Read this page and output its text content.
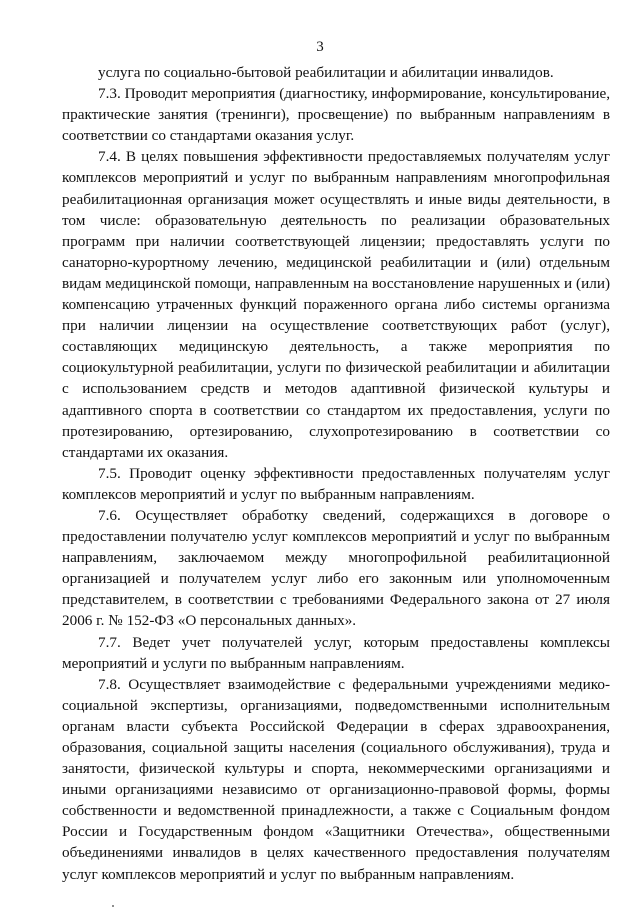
3

услуга по социально-бытовой реабилитации и абилитации инвалидов.

7.3. Проводит мероприятия (диагностику, информирование, консультирование, практические занятия (тренинги), просвещение) по выбранным направлениям в соответствии со стандартами оказания услуг.

7.4. В целях повышения эффективности предоставляемых получателям услуг комплексов мероприятий и услуг по выбранным направлениям многопрофильная реабилитационная организация может осуществлять и иные виды деятельности, в том числе: образовательную деятельность по реализации образовательных программ при наличии соответствующей лицензии; предоставлять услуги по санаторно-курортному лечению, медицинской реабилитации и (или) отдельным видам медицинской помощи, направленным на восстановление нарушенных и (или) компенсацию утраченных функций пораженного органа либо системы организма при наличии лицензии на осуществление соответствующих работ (услуг), составляющих медицинскую деятельность, а также мероприятия по социокультурной реабилитации, услуги по физической реабилитации и абилитации с использованием средств и методов адаптивной физической культуры и адаптивного спорта в соответствии со стандартом их предоставления, услуги по протезированию, ортезированию, слухопротезированию в соответствии со стандартами их оказания.

7.5. Проводит оценку эффективности предоставленных получателям услуг комплексов мероприятий и услуг по выбранным направлениям.

7.6. Осуществляет обработку сведений, содержащихся в договоре о предоставлении получателю услуг комплексов мероприятий и услуг по выбранным направлениям, заключаемом между многопрофильной реабилитационной организацией и получателем услуг либо его законным или уполномоченным представителем, в соответствии с требованиями Федерального закона от 27 июля 2006 г. № 152-ФЗ «О персональных данных».

7.7. Ведет учет получателей услуг, которым предоставлены комплексы мероприятий и услуги по выбранным направлениям.

7.8. Осуществляет взаимодействие с федеральными учреждениями медико-социальной экспертизы, организациями, подведомственными исполнительным органам власти субъекта Российской Федерации в сферах здравоохранения, образования, социальной защиты населения (социального обслуживания), труда и занятости, физической культуры и спорта, некоммерческими организациями и иными организациями независимо от организационно-правовой формы, формы собственности и ведомственной принадлежности, а также с Социальным фондом России и Государственным фондом «Защитники Отечества», общественными объединениями инвалидов в целях качественного предоставления получателям услуг комплексов мероприятий и услуг по выбранным направлениям.
